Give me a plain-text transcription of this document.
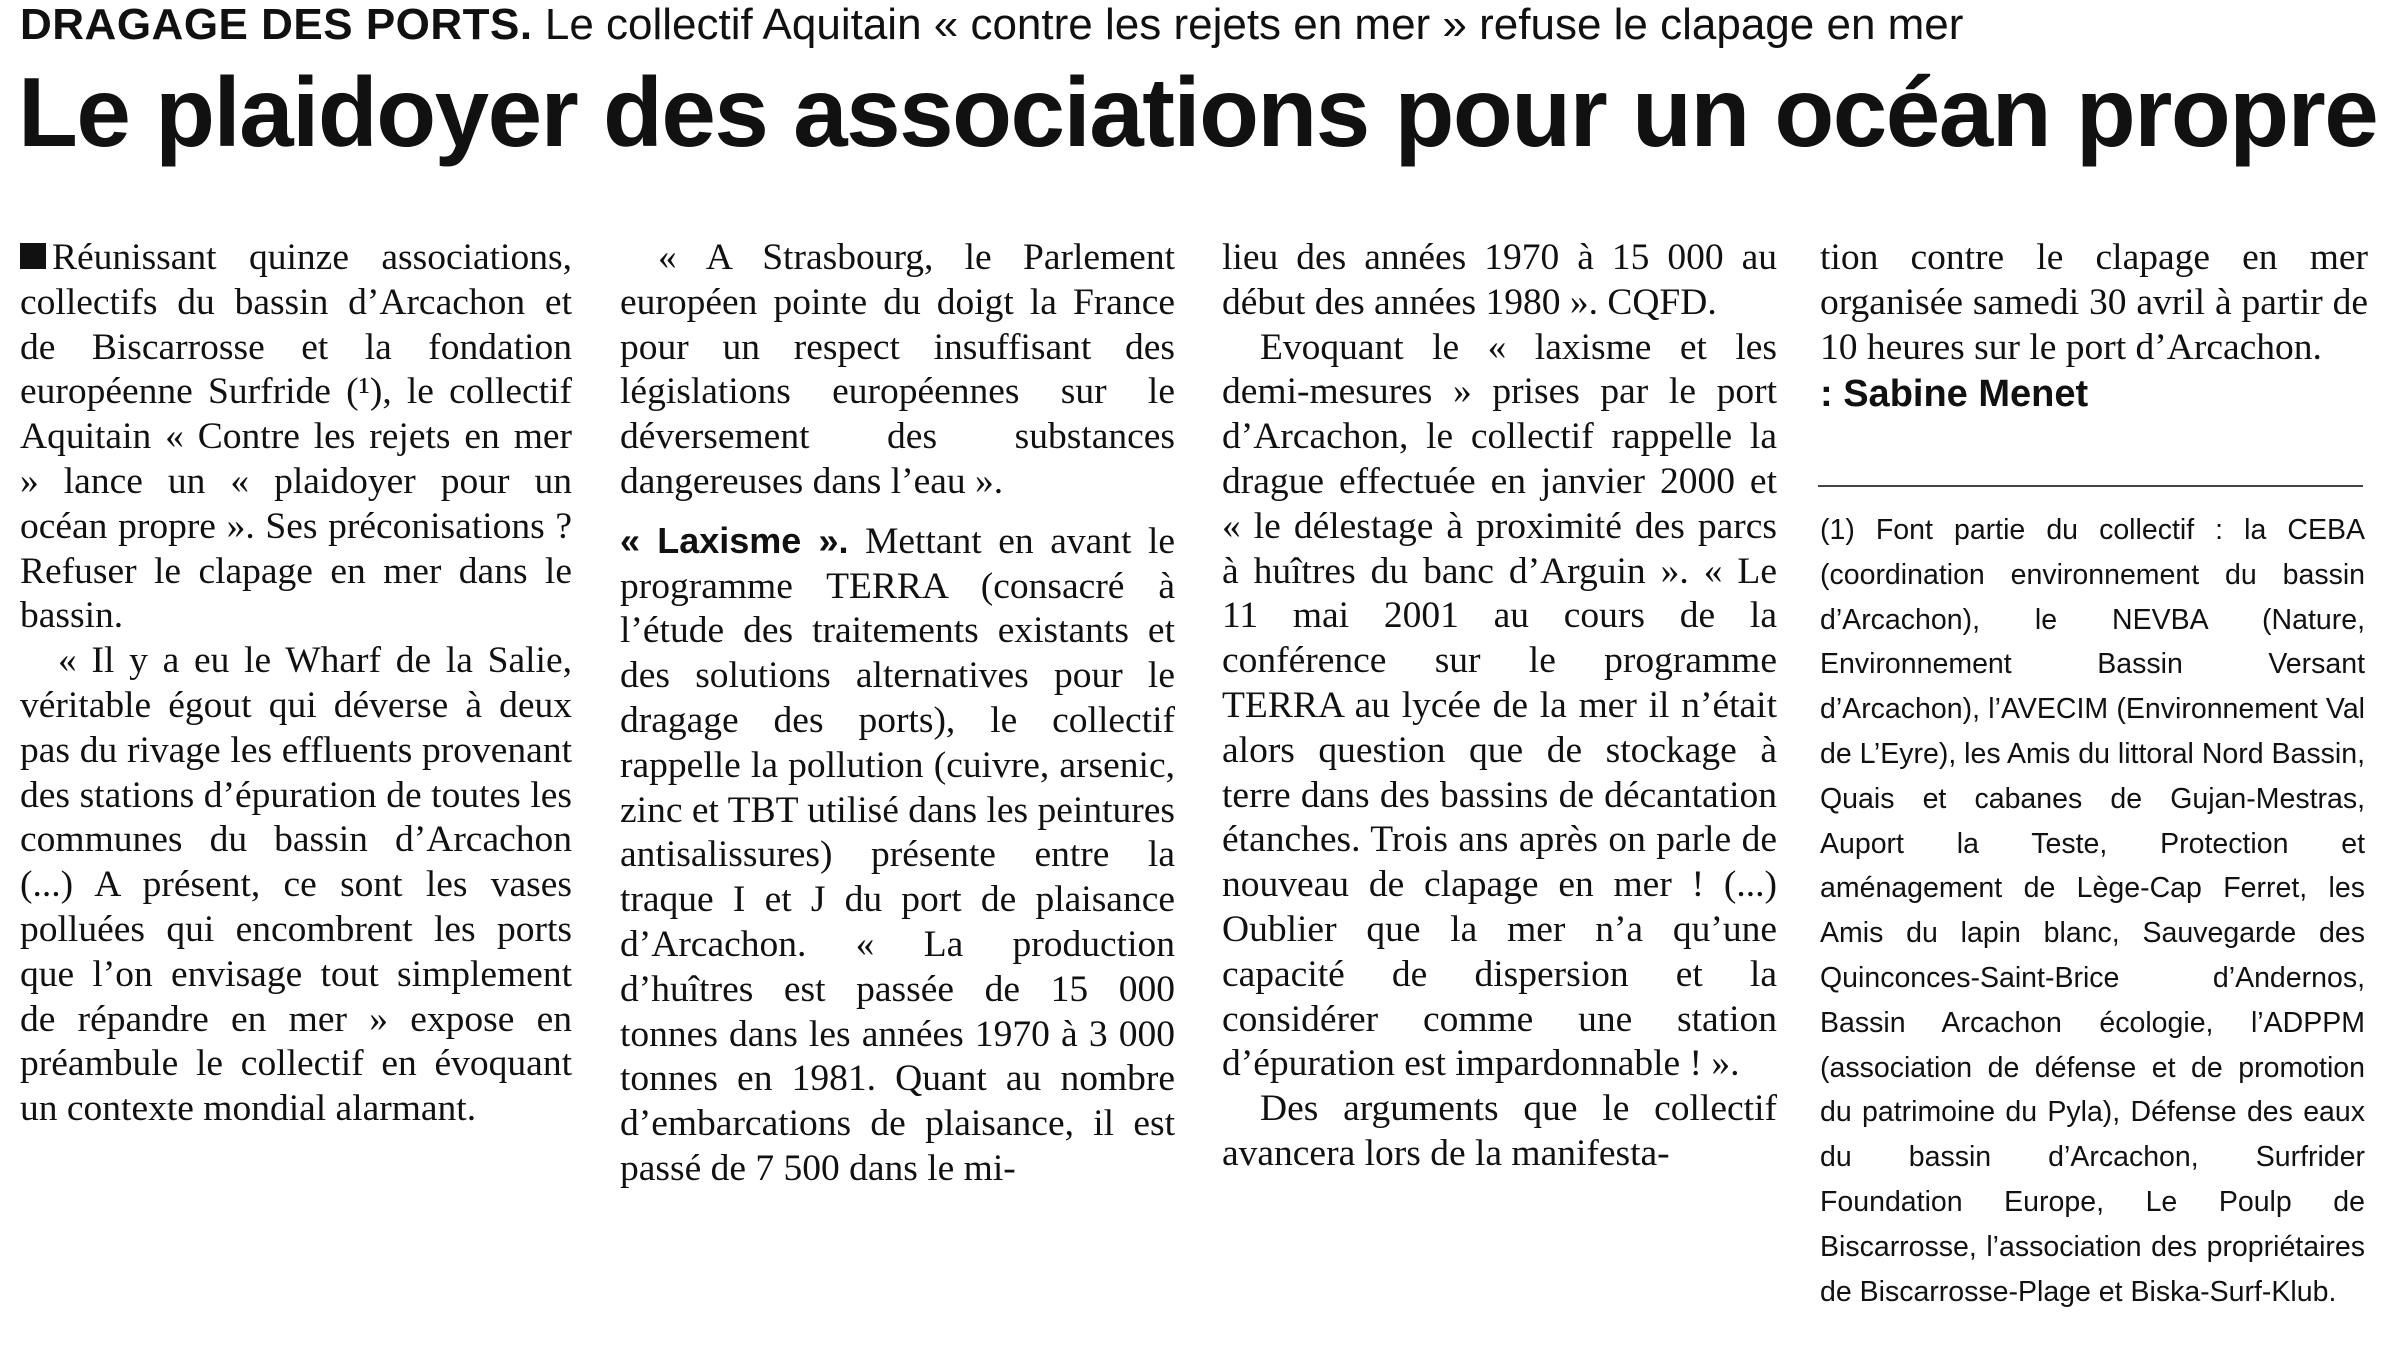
DRAGAGE DES PORTS. Le collectif Aquitain « contre les rejets en mer » refuse le clapage en mer
Le plaidoyer des associations pour un océan propre

Réunissant quinze associations, collectifs du bassin d’Arcachon et de Biscarrosse et la fondation européenne Surfride (¹), le collectif Aquitain « Contre les rejets en mer » lance un « plaidoyer pour un océan propre ». Ses préconisations ? Refuser le clapage en mer dans le bassin.

« Il y a eu le Wharf de la Salie, véritable égout qui déverse à deux pas du rivage les effluents provenant des stations d’épuration de toutes les communes du bassin d’Arcachon (...) A présent, ce sont les vases polluées qui encombrent les ports que l’on envisage tout simplement de répandre en mer » expose en préambule le collectif en évoquant un contexte mondial alarmant.

« A Strasbourg, le Parlement européen pointe du doigt la France pour un respect insuffisant des législations européennes sur le déversement des substances dangereuses dans l’eau ».

« Laxisme ». Mettant en avant le programme TERRA (consacré à l’étude des traitements existants et des solutions alternatives pour le dragage des ports), le collectif rappelle la pollution (cuivre, arsenic, zinc et TBT utilisé dans les peintures antisalissures) présente entre la traque I et J du port de plaisance d’Arcachon. « La production d’huîtres est passée de 15 000 tonnes dans les années 1970 à 3 000 tonnes en 1981. Quant au nombre d’embarcations de plaisance, il est passé de 7 500 dans le mi-

lieu des années 1970 à 15 000 au début des années 1980 ». CQFD.

Evoquant le « laxisme et les demi-mesures » prises par le port d’Arcachon, le collectif rappelle la drague effectuée en janvier 2000 et « le délestage à proximité des parcs à huîtres du banc d’Arguin ». « Le 11 mai 2001 au cours de la conférence sur le programme TERRA au lycée de la mer il n’était alors question que de stockage à terre dans des bassins de décantation étanches. Trois ans après on parle de nouveau de clapage en mer ! (...) Oublier que la mer n’a qu’une capacité de dispersion et la considérer comme une station d’épuration est impardonnable ! ».

Des arguments que le collectif avancera lors de la manifesta-

tion contre le clapage en mer organisée samedi 30 avril à partir de 10 heures sur le port d’Arcachon.

: Sabine Menet

(1) Font partie du collectif : la CEBA (coordination environnement du bassin d’Arcachon), le NEVBA (Nature, Environnement Bassin Versant d’Arcachon), l’AVECIM (Environnement Val de L’Eyre), les Amis du littoral Nord Bassin, Quais et cabanes de Gujan-Mestras, Auport la Teste, Protection et aménagement de Lège-Cap Ferret, les Amis du lapin blanc, Sauvegarde des Quinconces-Saint-Brice d’Andernos, Bassin Arcachon écologie, l’ADPPM (association de défense et de promotion du patrimoine du Pyla), Défense des eaux du bassin d’Arcachon, Surfrider Foundation Europe, Le Poulp de Biscarrosse, l’association des propriétaires de Biscarrosse-Plage et Biska-Surf-Klub.
